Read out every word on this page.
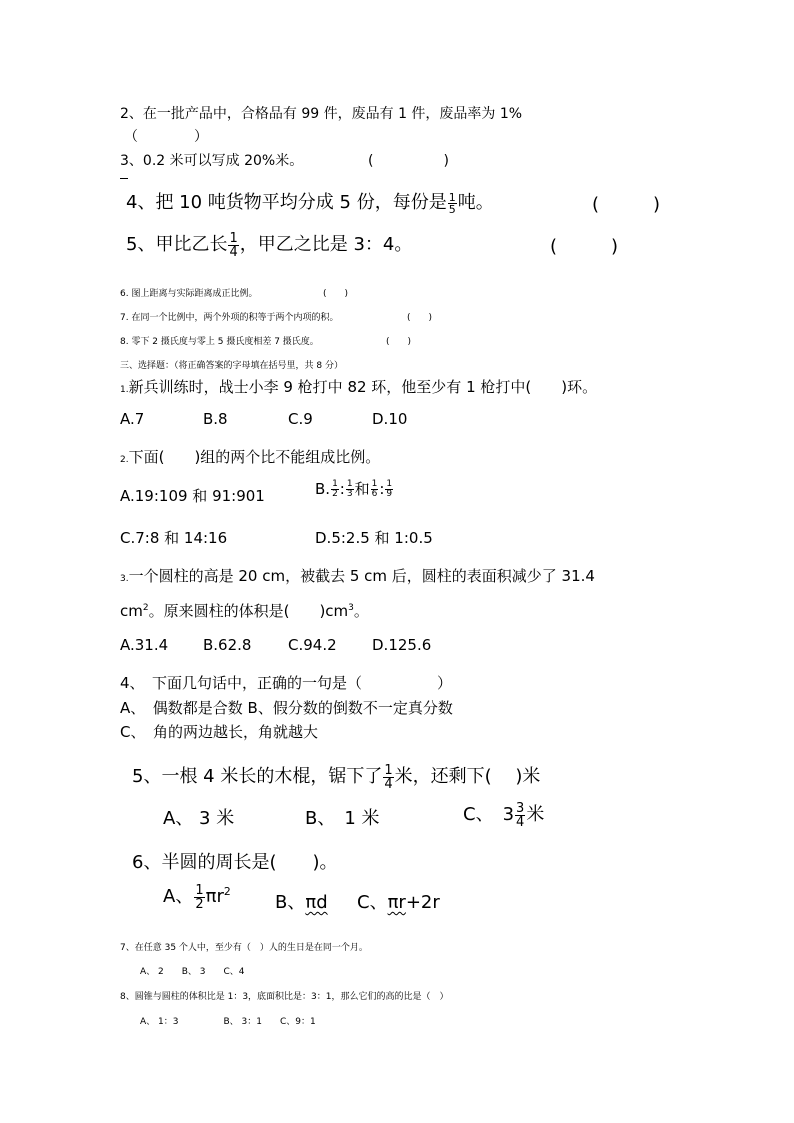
2、在一批产品中，合格品有 99 件，废品有 1 件，废品率为 1%
（　　　　）
3、0.2 米可以写成 20%米。	(　　　　　)
4、把 10 吨货物平均分成 5 份，每份是 $\frac{1}{5}$ 吨。	(　　　)
5、甲比乙长 $\frac{1}{4}$ ，甲乙之比是 3：4。	(　　　)
6. 图上距离与实际距离成正比例。	(　　)
7. 在同一个比例中，两个外项的积等于两个内项的积。	(　　)
8. 零下 2 摄氏度与零上 5 摄氏度相差 7 摄氏度。	(　　)
三、选择题：（将正确答案的字母填在括号里，共 8 分）
1.新兵训练时，战士小李 9 枪打中 82 环，他至少有 1 枪打中(　　)环。
A.7	B.8	C.9	D.10
2.下面(　　)组的两个比不能组成比例。
A.19:109 和 91:901	B. $\frac{1}{2}$ : $\frac{1}{3}$ 和 $\frac{1}{6}$ : $\frac{1}{9}$
C.7:8 和 14:16	D.5:2.5 和 1:0.5
3.一个圆柱的高是 20 cm，被截去 5 cm 后，圆柱的表面积减少了 31.4
$cm^2$。原来圆柱的体积是(　　)$cm^3$。
A.31.4 B.62.8 C.94.2 D.125.6
4、　下面几句话中，正确的一句是（　　　　　）
A、　偶数都是合数 B、假分数的倒数不一定真分数
C、　角的两边越长，角就越大
5、一根 4 米长的木棍，锯下了 $\frac{1}{4}$ 米，还剩下(　 )米
A、 3 米	B、　1 米	C、　$3 \frac{3}{4}$ 米
6、半圆的周长是(　　)。
A、 $\frac{1}{2} \pi r^2$
B、πd C、πr+2r
7、在任意 35 个人中，至少有（　）人的生日是在同一个月。
A、 2　　B、 3　　C、4
8、圆锥与圆柱的体积比是 1：3，底面积比是：3：1，那么它们的高的比是（　）
A、 1：3　　　　　B、 3：1　　C、9：1
